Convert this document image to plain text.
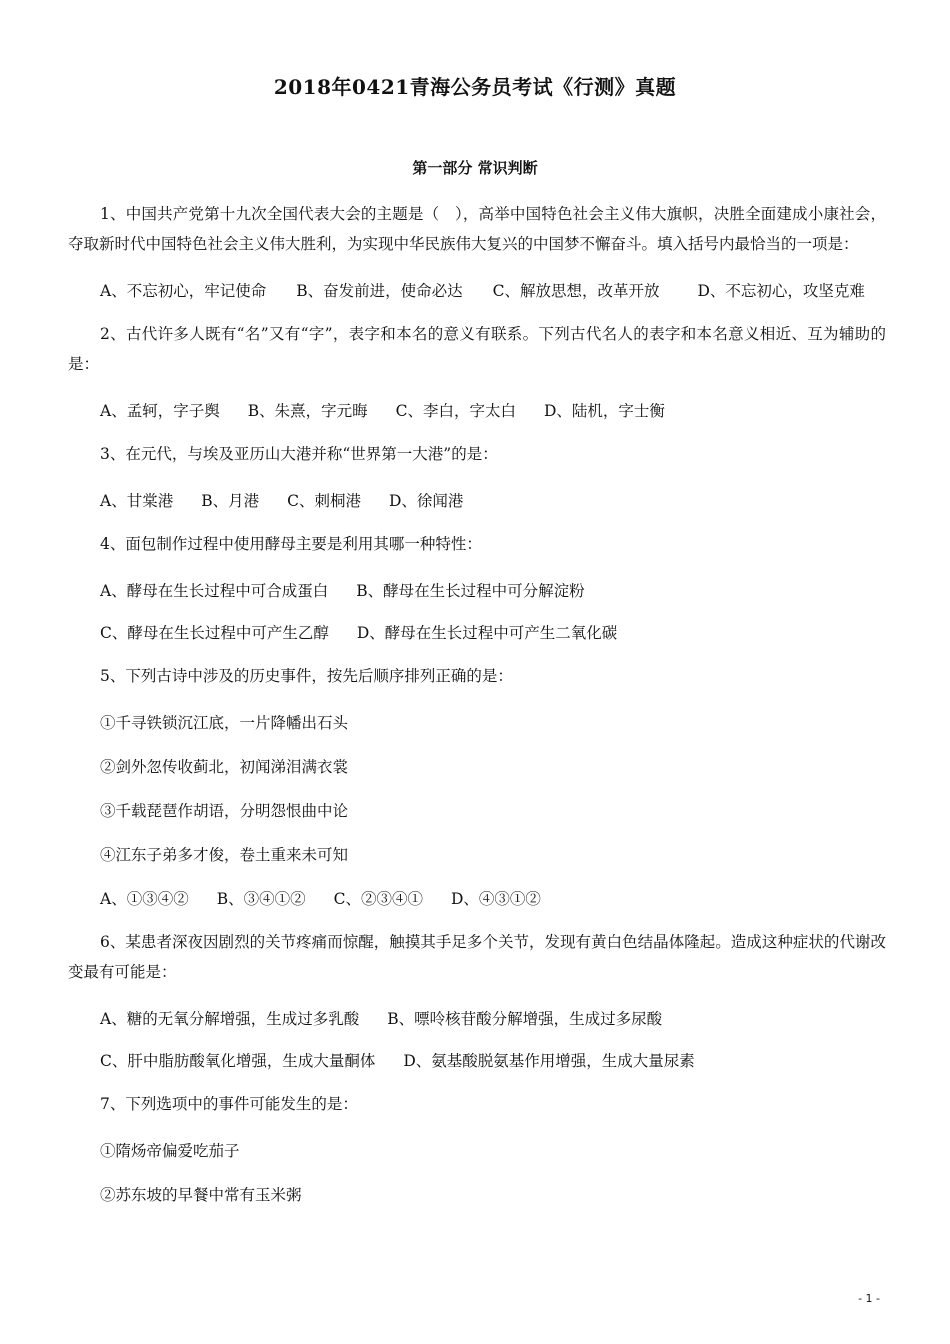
2018年0421青海公务员考试《行测》真题
第一部分 常识判断

1、中国共产党第十九次全国代表大会的主题是（　），高举中国特色社会主义伟大旗帜，决胜全面建成小康社会，夺取新时代中国特色社会主义伟大胜利，为实现中华民族伟大复兴的中国梦不懈奋斗。填入括号内最恰当的一项是：

A、不忘初心，牢记使命 B、奋发前进，使命必达 C、解放思想，改革开放 D、不忘初心，攻坚克难

2、古代许多人既有“名”又有“字”，表字和本名的意义有联系。下列古代名人的表字和本名意义相近、互为辅助的是：

A、孟轲，字子舆 B、朱熹，字元晦 C、李白，字太白 D、陆机，字士衡

3、在元代，与埃及亚历山大港并称“世界第一大港”的是：

A、甘棠港 B、月港 C、刺桐港 D、徐闻港

4、面包制作过程中使用酵母主要是利用其哪一种特性：

A、酵母在生长过程中可合成蛋白 B、酵母在生长过程中可分解淀粉

C、酵母在生长过程中可产生乙醇 D、酵母在生长过程中可产生二氧化碳

5、下列古诗中涉及的历史事件，按先后顺序排列正确的是：

①千寻铁锁沉江底，一片降幡出石头

②剑外忽传收蓟北，初闻涕泪满衣裳

③千载琵琶作胡语，分明怨恨曲中论

④江东子弟多才俊，卷土重来未可知

A、①③④② B、③④①② C、②③④① D、④③①②

6、某患者深夜因剧烈的关节疼痛而惊醒，触摸其手足多个关节，发现有黄白色结晶体隆起。造成这种症状的代谢改变最有可能是：

A、糖的无氧分解增强，生成过多乳酸 B、嘌呤核苷酸分解增强，生成过多尿酸

C、肝中脂肪酸氧化增强，生成大量酮体 D、氨基酸脱氨基作用增强，生成大量尿素

7、下列选项中的事件可能发生的是：

①隋炀帝偏爱吃茄子

②苏东坡的早餐中常有玉米粥

- 1 -
